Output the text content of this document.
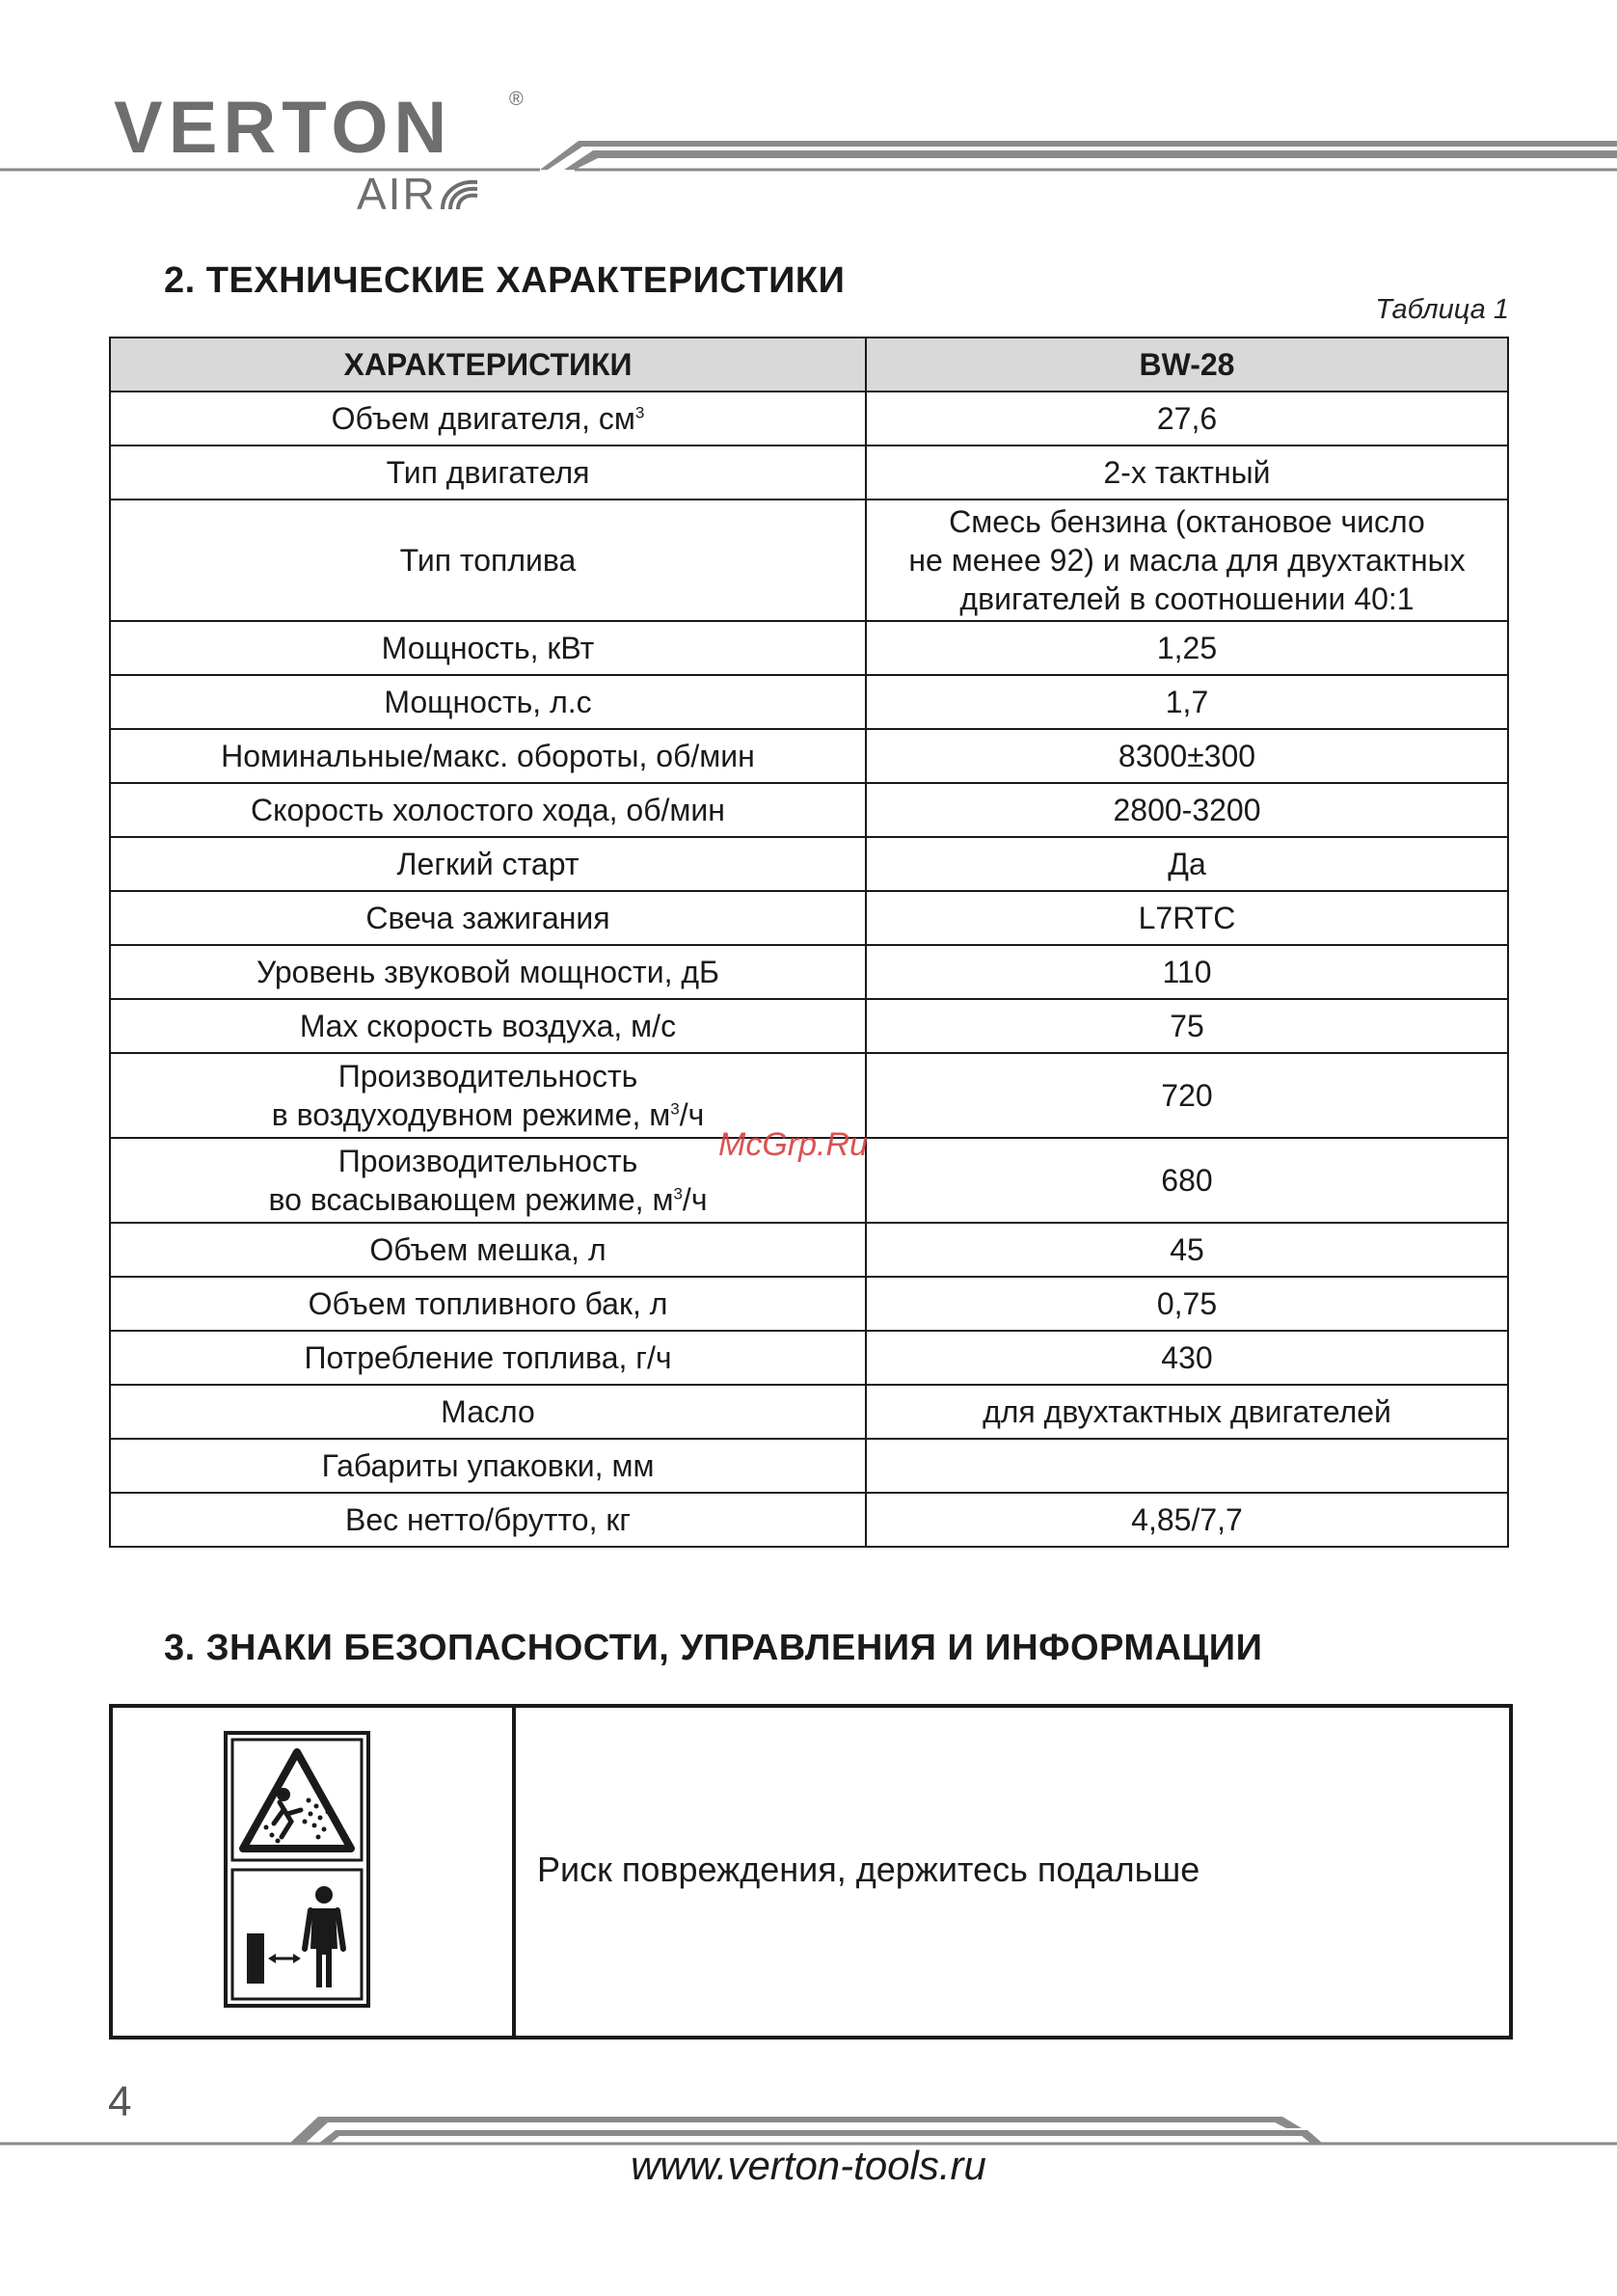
VERTON	®
AIR
2. ТЕХНИЧЕСКИЕ ХАРАКТЕРИСТИКИ
Таблица 1
ХАРАКТЕРИСТИКИ	BW-28
Объем двигателя, $см^3$	27,6
Тип двигателя	2-х тактный
Тип топлива	Смесь бензина (октановое число
не менее 92) и масла для двухтактных
двигателей в соотношении 40:1

Мощность, кВт	1,25
Мощность, л.с	1,7
Номинальные/макс. обороты, об/мин	8300±300
Скорость холостого хода, об/мин	2800-3200
Легкий старт	Да
Свеча зажигания	L7RTC
Уровень звуковой мощности, дБ	110
Max скорость воздуха, м/с	75

Производительность
в воздуходувном режиме, $м^3/ч$	720

Производительность
во всасывающем режиме, $м^3/ч$	680
Объем мешка, л	45
Объем топливного бак, л	0,75
Потребление топлива, г/ч	430
Масло	для двухтактных двигателей
Габариты упаковки, мм	
Вес нетто/брутто, кг	4,85/7,7
McGrp.Ru
3. ЗНАКИ БЕЗОПАСНОСТИ, УПРАВЛЕНИЯ И ИНФОРМАЦИИ
Риск повреждения, держитесь подальше
4
www.verton-tools.ru
